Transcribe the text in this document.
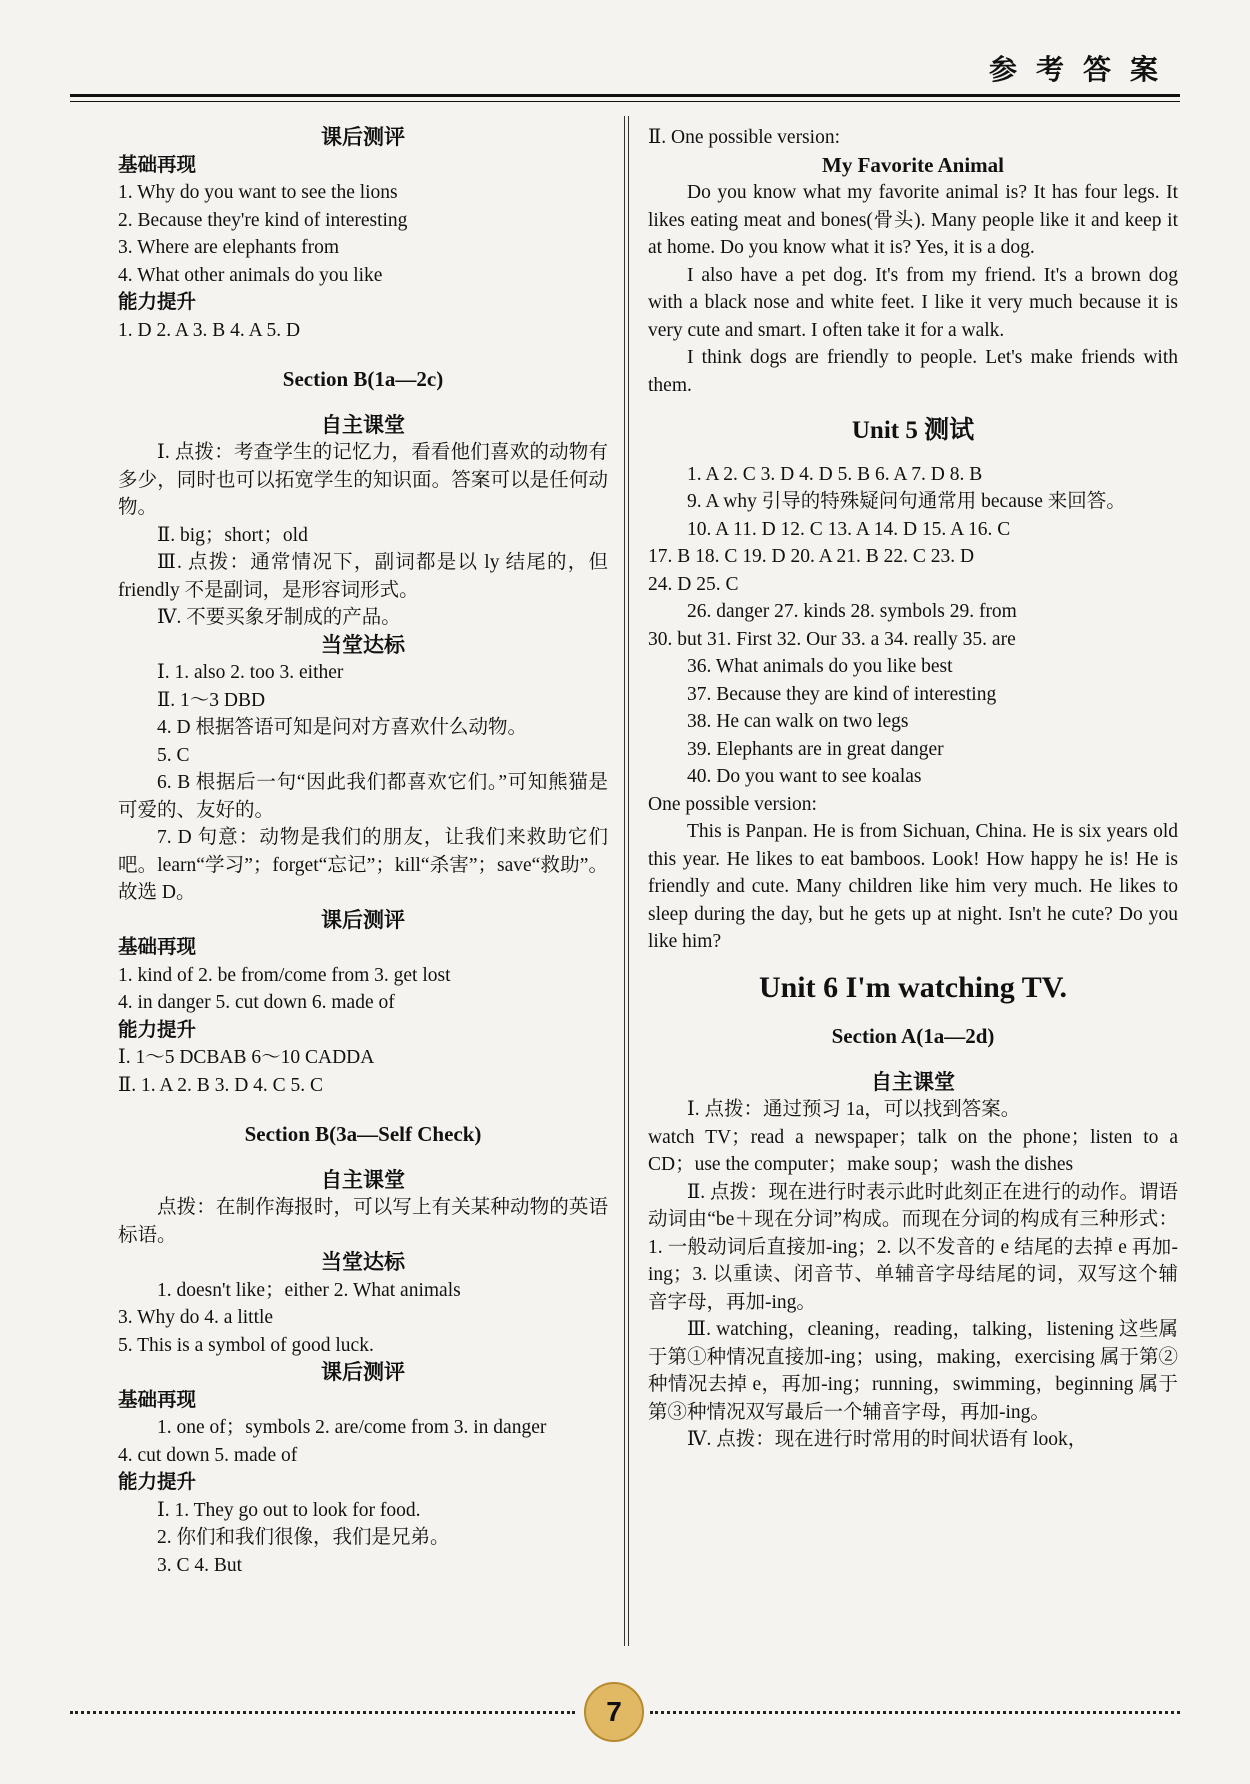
参 考 答 案

课后测评

基础再现

1. Why do you want to see the lions

2. Because they're kind of interesting

3. Where are elephants from

4. What other animals do you like

能力提升

1. D 2. A 3. B 4. A 5. D

Section B(1a—2c)

自主课堂

Ⅰ. 点拨：考查学生的记忆力，看看他们喜欢的动物有多少，同时也可以拓宽学生的知识面。答案可以是任何动物。

Ⅱ. big；short；old

Ⅲ. 点拨：通常情况下，副词都是以 ly 结尾的，但 friendly 不是副词，是形容词形式。

Ⅳ. 不要买象牙制成的产品。

当堂达标

Ⅰ. 1. also 2. too 3. either

Ⅱ. 1～3 DBD

4. D 根据答语可知是问对方喜欢什么动物。

5. C

6. B 根据后一句“因此我们都喜欢它们。”可知熊猫是可爱的、友好的。

7. D 句意：动物是我们的朋友，让我们来救助它们吧。learn“学习”；forget“忘记”；kill“杀害”；save“救助”。故选 D。

课后测评

基础再现

1. kind of 2. be from/come from 3. get lost

4. in danger 5. cut down 6. made of

能力提升

Ⅰ. 1～5 DCBAB 6～10 CADDA

Ⅱ. 1. A 2. B 3. D 4. C 5. C

Section B(3a—Self Check)

自主课堂

点拨：在制作海报时，可以写上有关某种动物的英语标语。

当堂达标

1. doesn't like；either 2. What animals

3. Why do 4. a little

5. This is a symbol of good luck.

课后测评

基础再现

1. one of；symbols 2. are/come from 3. in danger

4. cut down 5. made of

能力提升

Ⅰ. 1. They go out to look for food.

2. 你们和我们很像，我们是兄弟。

3. C 4. But

Ⅱ. One possible version:

My Favorite Animal

Do you know what my favorite animal is? It has four legs. It likes eating meat and bones(骨头). Many people like it and keep it at home. Do you know what it is? Yes, it is a dog.

I also have a pet dog. It's from my friend. It's a brown dog with a black nose and white feet. I like it very much because it is very cute and smart. I often take it for a walk.

I think dogs are friendly to people. Let's make friends with them.

Unit 5 测试

1. A 2. C 3. D 4. D 5. B 6. A 7. D 8. B

9. A why 引导的特殊疑问句通常用 because 来回答。

10. A 11. D 12. C 13. A 14. D 15. A 16. C

17. B 18. C 19. D 20. A 21. B 22. C 23. D

24. D 25. C

26. danger 27. kinds 28. symbols 29. from

30. but 31. First 32. Our 33. a 34. really 35. are

36. What animals do you like best

37. Because they are kind of interesting

38. He can walk on two legs

39. Elephants are in great danger

40. Do you want to see koalas

One possible version:

This is Panpan. He is from Sichuan, China. He is six years old this year. He likes to eat bamboos. Look! How happy he is! He is friendly and cute. Many children like him very much. He likes to sleep during the day, but he gets up at night. Isn't he cute? Do you like him?

Unit 6 I'm watching TV.

Section A(1a—2d)

自主课堂

Ⅰ. 点拨：通过预习 1a，可以找到答案。

watch TV；read a newspaper；talk on the phone；listen to a CD；use the computer；make soup；wash the dishes

Ⅱ. 点拨：现在进行时表示此时此刻正在进行的动作。谓语动词由“be＋现在分词”构成。而现在分词的构成有三种形式：1. 一般动词后直接加-ing；2. 以不发音的 e 结尾的去掉 e 再加-ing；3. 以重读、闭音节、单辅音字母结尾的词，双写这个辅音字母，再加-ing。

Ⅲ. watching，cleaning，reading，talking，listening 这些属于第①种情况直接加-ing；using，making，exercising 属于第②种情况去掉 e，再加-ing；running，swimming，beginning 属于第③种情况双写最后一个辅音字母，再加-ing。

Ⅳ. 点拨：现在进行时常用的时间状语有 look，

7
